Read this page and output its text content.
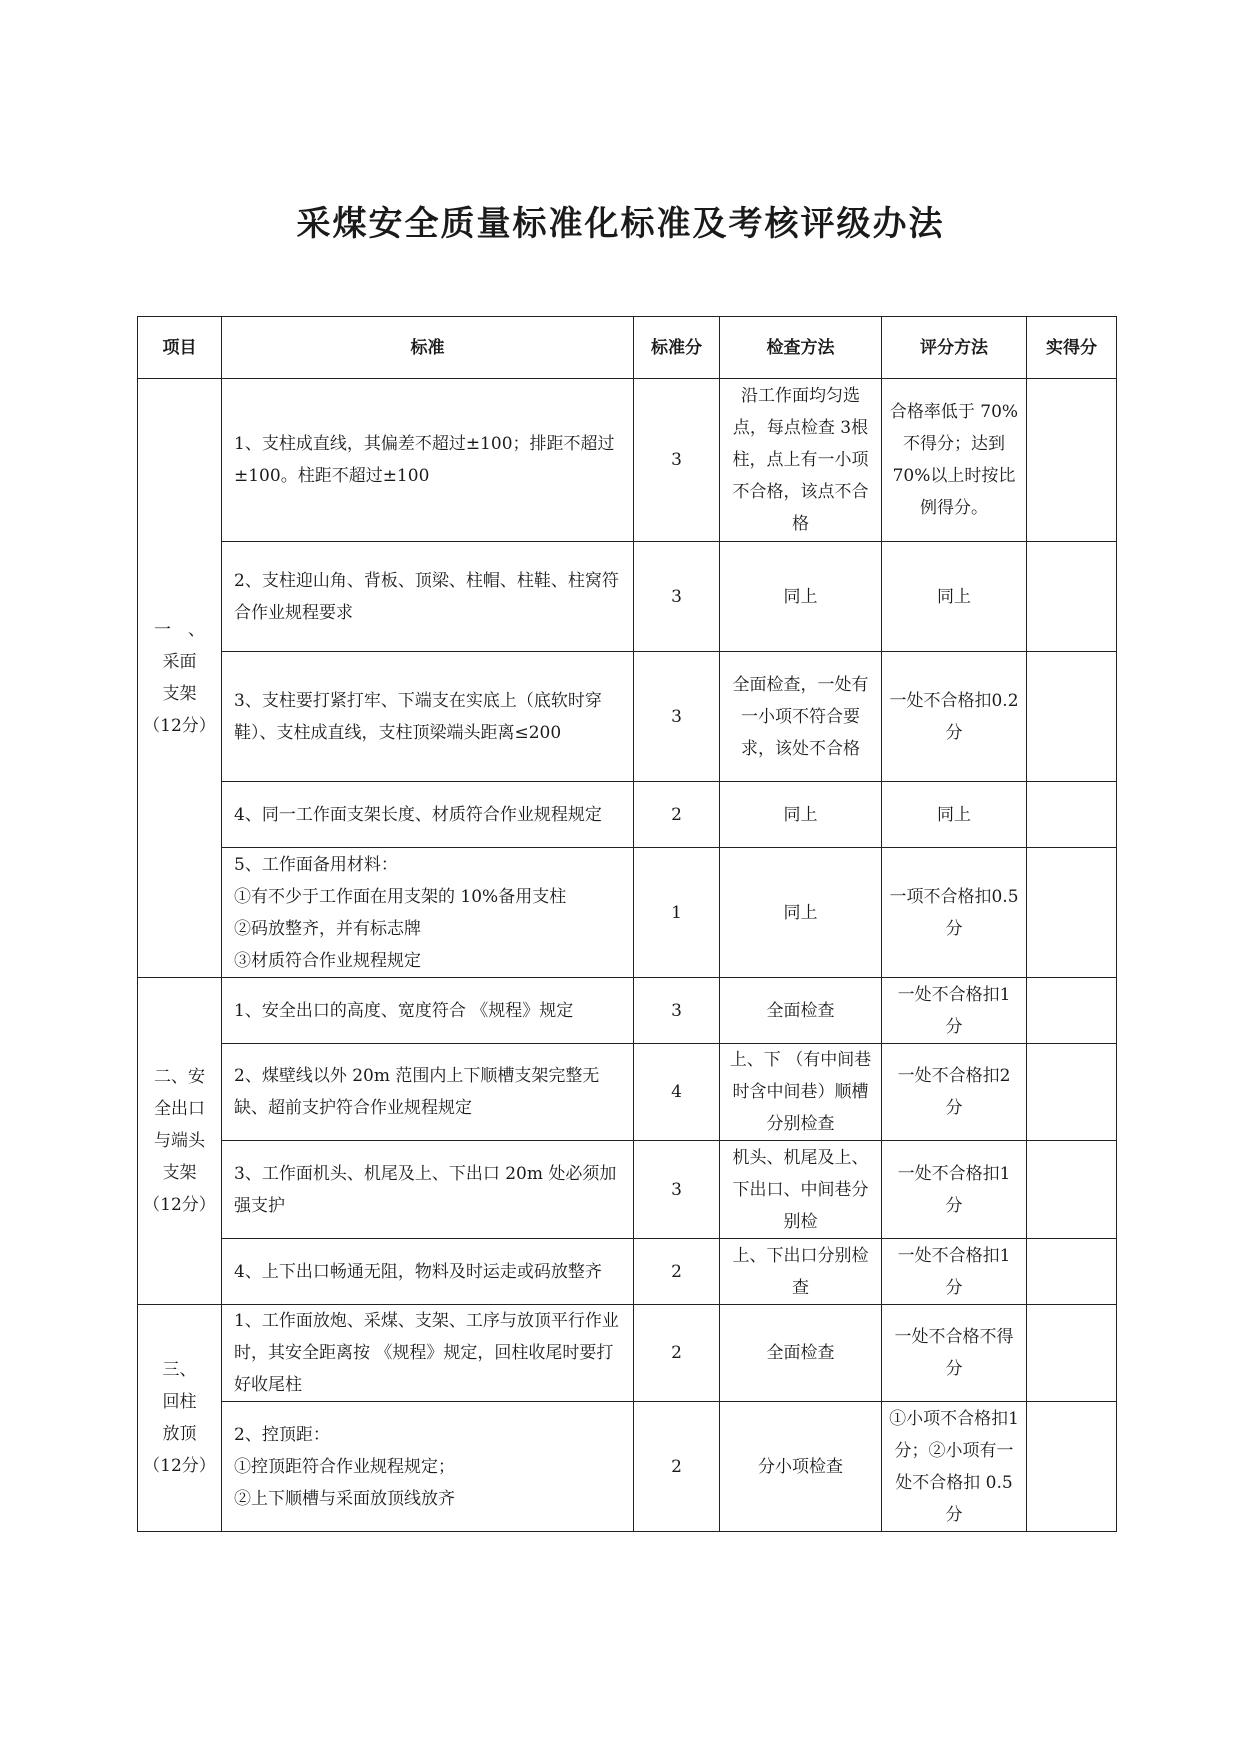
采煤安全质量标准化标准及考核评级办法
项目	标准	标准分	检查方法	评分方法	实得分

一　、
采面
支架
（12分）	1、支柱成直线，其偏差不超过±100；排距不超过±100。柱距不超过±100	3	沿工作面均匀选点，每点检查 3根柱，点上有一小项不合格，该点不合格	合格率低于 70%不得分；达到70%以上时按比例得分。	

	2、支柱迎山角、背板、顶梁、柱帽、柱鞋、柱窝符合作业规程要求	3	同上	同上	

	3、支柱要打紧打牢、下端支在实底上（底软时穿鞋）、支柱成直线，支柱顶梁端头距离≤200	3	全面检查，一处有一小项不符合要求，该处不合格	一处不合格扣0.2 分	

	4、同一工作面支架长度、材质符合作业规程规定	2	同上	同上	

	5、工作面备用材料：
①有不少于工作面在用支架的 10%备用支柱
②码放整齐，并有标志牌
③材质符合作业规程规定	1	同上	一项不合格扣0.5 分	

二、安
全出口
与端头
支架
（12分）	1、安全出口的高度、宽度符合 《规程》规定	3	全面检查	一处不合格扣1 分	

	2、煤壁线以外 20m 范围内上下顺槽支架完整无缺、超前支护符合作业规程规定	4	上、下 （有中间巷时含中间巷）顺槽分别检查	一处不合格扣2 分	

	3、工作面机头、机尾及上、下出口 20m 处必须加强支护	3	机头、机尾及上、下出口、中间巷分别检	一处不合格扣1 分	

	4、上下出口畅通无阻，物料及时运走或码放整齐	2	上、下出口分别检查	一处不合格扣1 分	

三、
回柱
放顶
（12分）	1、工作面放炮、采煤、支架、工序与放顶平行作业时，其安全距离按 《规程》规定，回柱收尾时要打好收尾柱	2	全面检查	一处不合格不得分	

	2、控顶距：
①控顶距符合作业规程规定；
②上下顺槽与采面放顶线放齐	2	分小项检查	①小项不合格扣1 分；②小项有一处不合格扣 0.5分	
